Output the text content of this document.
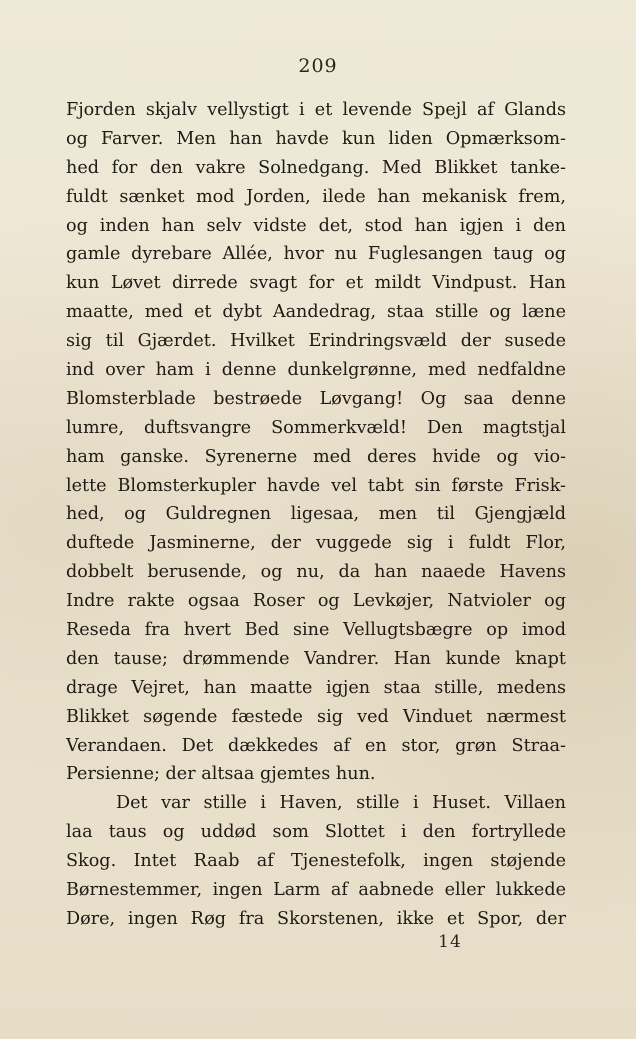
209
Fjorden skjalv vellystigt i et levende Spejl af Glands
og Farver. Men han havde kun liden Opmærksom-
hed for den vakre Solnedgang. Med Blikket tanke-
fuldt sænket mod Jorden, ilede han mekanisk frem,
og inden han selv vidste det, stod han igjen i den
gamle dyrebare Allée, hvor nu Fuglesangen taug og
kun Løvet dirrede svagt for et mildt Vindpust. Han
maatte, med et dybt Aandedrag, staa stille og læne
sig til Gjærdet. Hvilket Erindringsvæld der susede
ind over ham i denne dunkelgrønne, med nedfaldne
Blomsterblade bestrøede Løvgang! Og saa denne
lumre, duftsvangre Sommerkvæld! Den magtstjal
ham ganske. Syrenerne med deres hvide og vio-
lette Blomsterkupler havde vel tabt sin første Frisk-
hed, og Guldregnen ligesaa, men til Gjengjæld
duftede Jasminerne, der vuggede sig i fuldt Flor,
dobbelt berusende, og nu, da han naaede Havens
Indre rakte ogsaa Roser og Levkøjer, Natvioler og
Reseda fra hvert Bed sine Vellugtsbægre op imod
den tause; drømmende Vandrer. Han kunde knapt
drage Vejret, han maatte igjen staa stille, medens
Blikket søgende fæstede sig ved Vinduet nærmest
Verandaen. Det dækkedes af en stor, grøn Straa-
Persienne; der altsaa gjemtes hun.
Det var stille i Haven, stille i Huset. Villaen
laa taus og uddød som Slottet i den fortryllede
Skog. Intet Raab af Tjenestefolk, ingen støjende
Børnestemmer, ingen Larm af aabnede eller lukkede
Døre, ingen Røg fra Skorstenen, ikke et Spor, der
14
